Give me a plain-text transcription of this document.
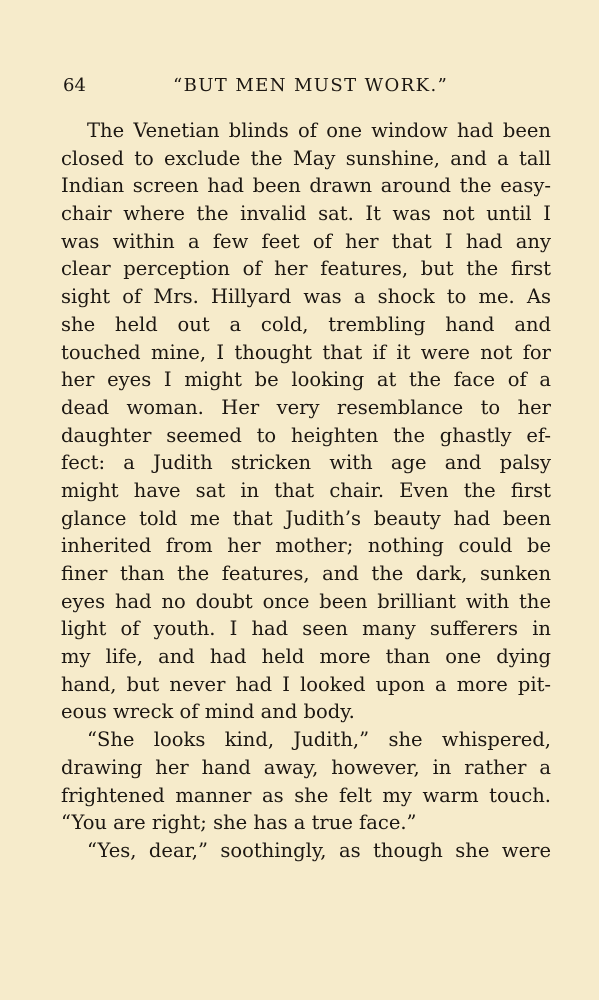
64	“BUT MEN MUST WORK.”
The Venetian blinds of one window had been
closed to exclude the May sunshine, and a tall
Indian screen had been drawn around the easy-
chair where the invalid sat. It was not until I
was within a few feet of her that I had any
clear perception of her features, but the first
sight of Mrs. Hillyard was a shock to me. As
she held out a cold, trembling hand and
touched mine, I thought that if it were not for
her eyes I might be looking at the face of a
dead woman. Her very resemblance to her
daughter seemed to heighten the ghastly ef-
fect: a Judith stricken with age and palsy
might have sat in that chair. Even the first
glance told me that Judith’s beauty had been
inherited from her mother; nothing could be
finer than the features, and the dark, sunken
eyes had no doubt once been brilliant with the
light of youth. I had seen many sufferers in
my life, and had held more than one dying
hand, but never had I looked upon a more pit-
eous wreck of mind and body.
“She looks kind, Judith,” she whispered,
drawing her hand away, however, in rather a
frightened manner as she felt my warm touch.
“You are right; she has a true face.”
“Yes, dear,” soothingly, as though she were
